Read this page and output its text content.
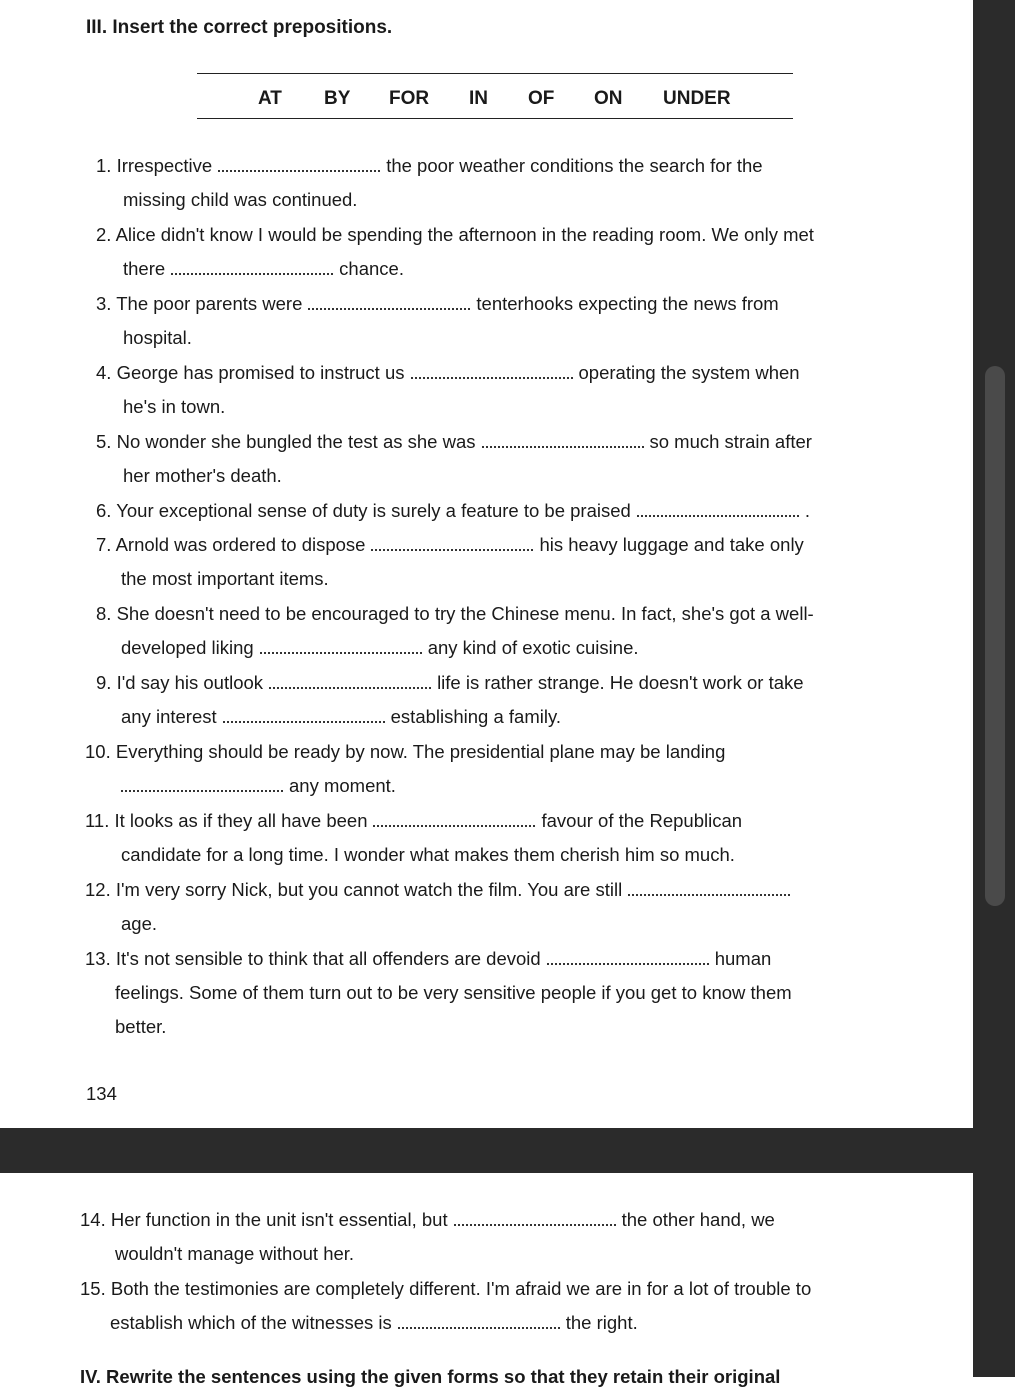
III. Insert the correct prepositions.
AT BY FOR IN OF ON UNDER
1. Irrespective	the poor weather conditions the search for the
missing child was continued.
2. Alice didn't know I would be spending the afternoon in the reading room. We only met
there	chance.
3. The poor parents were	tenterhooks expecting the news from
hospital.
4. George has promised to instruct us	operating the system when
he's in town.
5. No wonder she bungled the test as she was	so much strain after
her mother's death.
6. Your exceptional sense of duty is surely a feature to be praised	.
7. Arnold was ordered to dispose	his heavy luggage and take only
the most important items.
8. She doesn't need to be encouraged to try the Chinese menu. In fact, she's got a well-
developed liking	any kind of exotic cuisine.
9. I'd say his outlook	life is rather strange. He doesn't work or take
any interest	establishing a family.
10. Everything should be ready by now. The presidential plane may be landing
any moment.
11. It looks as if they all have been	favour of the Republican
candidate for a long time. I wonder what makes them cherish him so much.
12. I'm very sorry Nick, but you cannot watch the film. You are still
age.
13. It's not sensible to think that all offenders are devoid	human
feelings. Some of them turn out to be very sensitive people if you get to know them
better.
134
14. Her function in the unit isn't essential, but	the other hand, we
wouldn't manage without her.
15. Both the testimonies are completely different. I'm afraid we are in for a lot of trouble to
establish which of the witnesses is	the right.
IV. Rewrite the sentences using the given forms so that they retain their original
